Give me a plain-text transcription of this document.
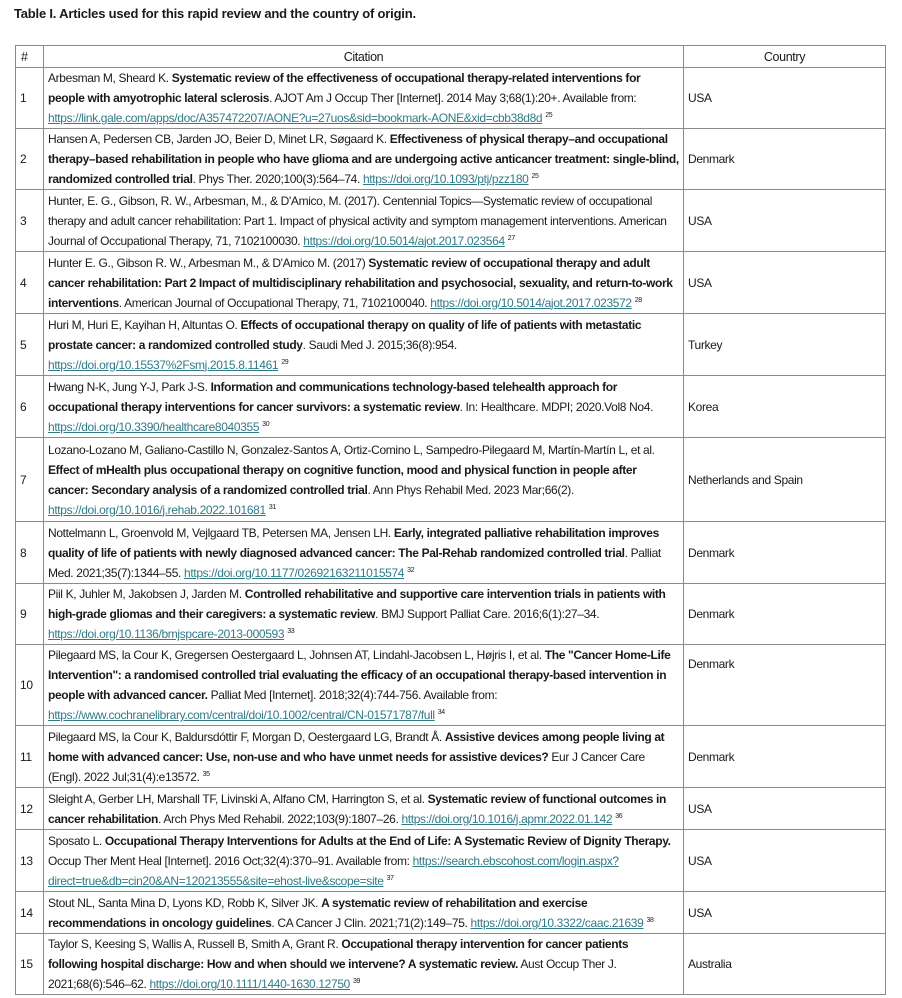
Table I. Articles used for this rapid review and the country of origin.
#	Citation	Country
1	Arbesman M, Sheard K. Systematic review of the effectiveness of occupational therapy-related interventions for people with amyotrophic lateral sclerosis. AJOT Am J Occup Ther [Internet]. 2014 May 3;68(1):20+. Available from: https://link.gale.com/apps/doc/A357472207/AONE?u=27uos&sid=bookmark-AONE&xid=cbb38d8d $^{25}$	USA
2	Hansen A, Pedersen CB, Jarden JO, Beier D, Minet LR, Søgaard K. Effectiveness of physical therapy–and occupational therapy–based rehabilitation in people who have glioma and are undergoing active anticancer treatment: single-blind, randomized controlled trial. Phys Ther. 2020;100(3):564–74. https://doi.org/10.1093/ptj/pzz180 $^{25}$	Denmark
3	Hunter, E. G., Gibson, R. W., Arbesman, M., & D'Amico, M. (2017). Centennial Topics—Systematic review of occupational therapy and adult cancer rehabilitation: Part 1. Impact of physical activity and symptom management interventions. American Journal of Occupational Therapy, 71, 7102100030. https://doi.org/10.5014/ajot.2017.023564 $^{27}$	USA
4	Hunter E. G., Gibson R. W., Arbesman M., & D'Amico M. (2017) Systematic review of occupational therapy and adult cancer rehabilitation: Part 2 Impact of multidisciplinary rehabilitation and psychosocial, sexuality, and return-to-work interventions. American Journal of Occupational Therapy, 71, 7102100040. https://doi.org/10.5014/ajot.2017.023572 $^{28}$	USA
5	Huri M, Huri E, Kayihan H, Altuntas O. Effects of occupational therapy on quality of life of patients with metastatic prostate cancer: a randomized controlled study. Saudi Med J. 2015;36(8):954. https://doi.org/10.15537%2Fsmj.2015.8.11461 $^{29}$	Turkey
6	Hwang N-K, Jung Y-J, Park J-S. Information and communications technology-based telehealth approach for occupational therapy interventions for cancer survivors: a systematic review. In: Healthcare. MDPI; 2020.Vol8 No4. https://doi.org/10.3390/healthcare8040355 $^{30}$	Korea
7	Lozano-Lozano M, Galiano-Castillo N, Gonzalez-Santos A, Ortiz-Comino L, Sampedro-Pilegaard M, Martín-Martín L, et al. Effect of mHealth plus occupational therapy on cognitive function, mood and physical function in people after cancer: Secondary analysis of a randomized controlled trial. Ann Phys Rehabil Med. 2023 Mar;66(2). https://doi.org/10.1016/j.rehab.2022.101681 $^{31}$	Netherlands and Spain
8	Nottelmann L, Groenvold M, Vejlgaard TB, Petersen MA, Jensen LH. Early, integrated palliative rehabilitation improves quality of life of patients with newly diagnosed advanced cancer: The Pal-Rehab randomized controlled trial. Palliat Med. 2021;35(7):1344–55. https://doi.org/10.1177/02692163211015574 $^{32}$	Denmark
9	Piil K, Juhler M, Jakobsen J, Jarden M. Controlled rehabilitative and supportive care intervention trials in patients with high-grade gliomas and their caregivers: a systematic review. BMJ Support Palliat Care. 2016;6(1):27–34. https://doi.org/10.1136/bmjspcare-2013-000593 $^{33}$	Denmark
10	Pilegaard MS, la Cour K, Gregersen Oestergaard L, Johnsen AT, Lindahl-Jacobsen L, Højris I, et al. The "Cancer Home-Life Intervention": a randomised controlled trial evaluating the efficacy of an occupational therapy-based intervention in people with advanced cancer. Palliat Med [Internet]. 2018;32(4):744-756. Available from: https://www.cochranelibrary.com/central/doi/10.1002/central/CN-01571787/full $^{34}$	Denmark
11	Pilegaard MS, la Cour K, Baldursdóttir F, Morgan D, Oestergaard LG, Brandt Å. Assistive devices among people living at home with advanced cancer: Use, non-use and who have unmet needs for assistive devices? Eur J Cancer Care (Engl). 2022 Jul;31(4):e13572. $^{35}$	Denmark
12	Sleight A, Gerber LH, Marshall TF, Livinski A, Alfano CM, Harrington S, et al. Systematic review of functional outcomes in cancer rehabilitation. Arch Phys Med Rehabil. 2022;103(9):1807–26. https://doi.org/10.1016/j.apmr.2022.01.142 $^{36}$	USA
13	Sposato L. Occupational Therapy Interventions for Adults at the End of Life: A Systematic Review of Dignity Therapy. Occup Ther Ment Heal [Internet]. 2016 Oct;32(4):370–91. Available from: https://search.ebscohost.com/login.aspx?direct=true&db=cin20&AN=120213555&site=ehost-live&scope=site $^{37}$	USA
14	Stout NL, Santa Mina D, Lyons KD, Robb K, Silver JK. A systematic review of rehabilitation and exercise recommendations in oncology guidelines. CA Cancer J Clin. 2021;71(2):149–75. https://doi.org/10.3322/caac.21639 $^{38}$	USA
15	Taylor S, Keesing S, Wallis A, Russell B, Smith A, Grant R. Occupational therapy intervention for cancer patients following hospital discharge: How and when should we intervene? A systematic review. Aust Occup Ther J. 2021;68(6):546–62. https://doi.org/10.1111/1440-1630.12750 $^{39}$	Australia
